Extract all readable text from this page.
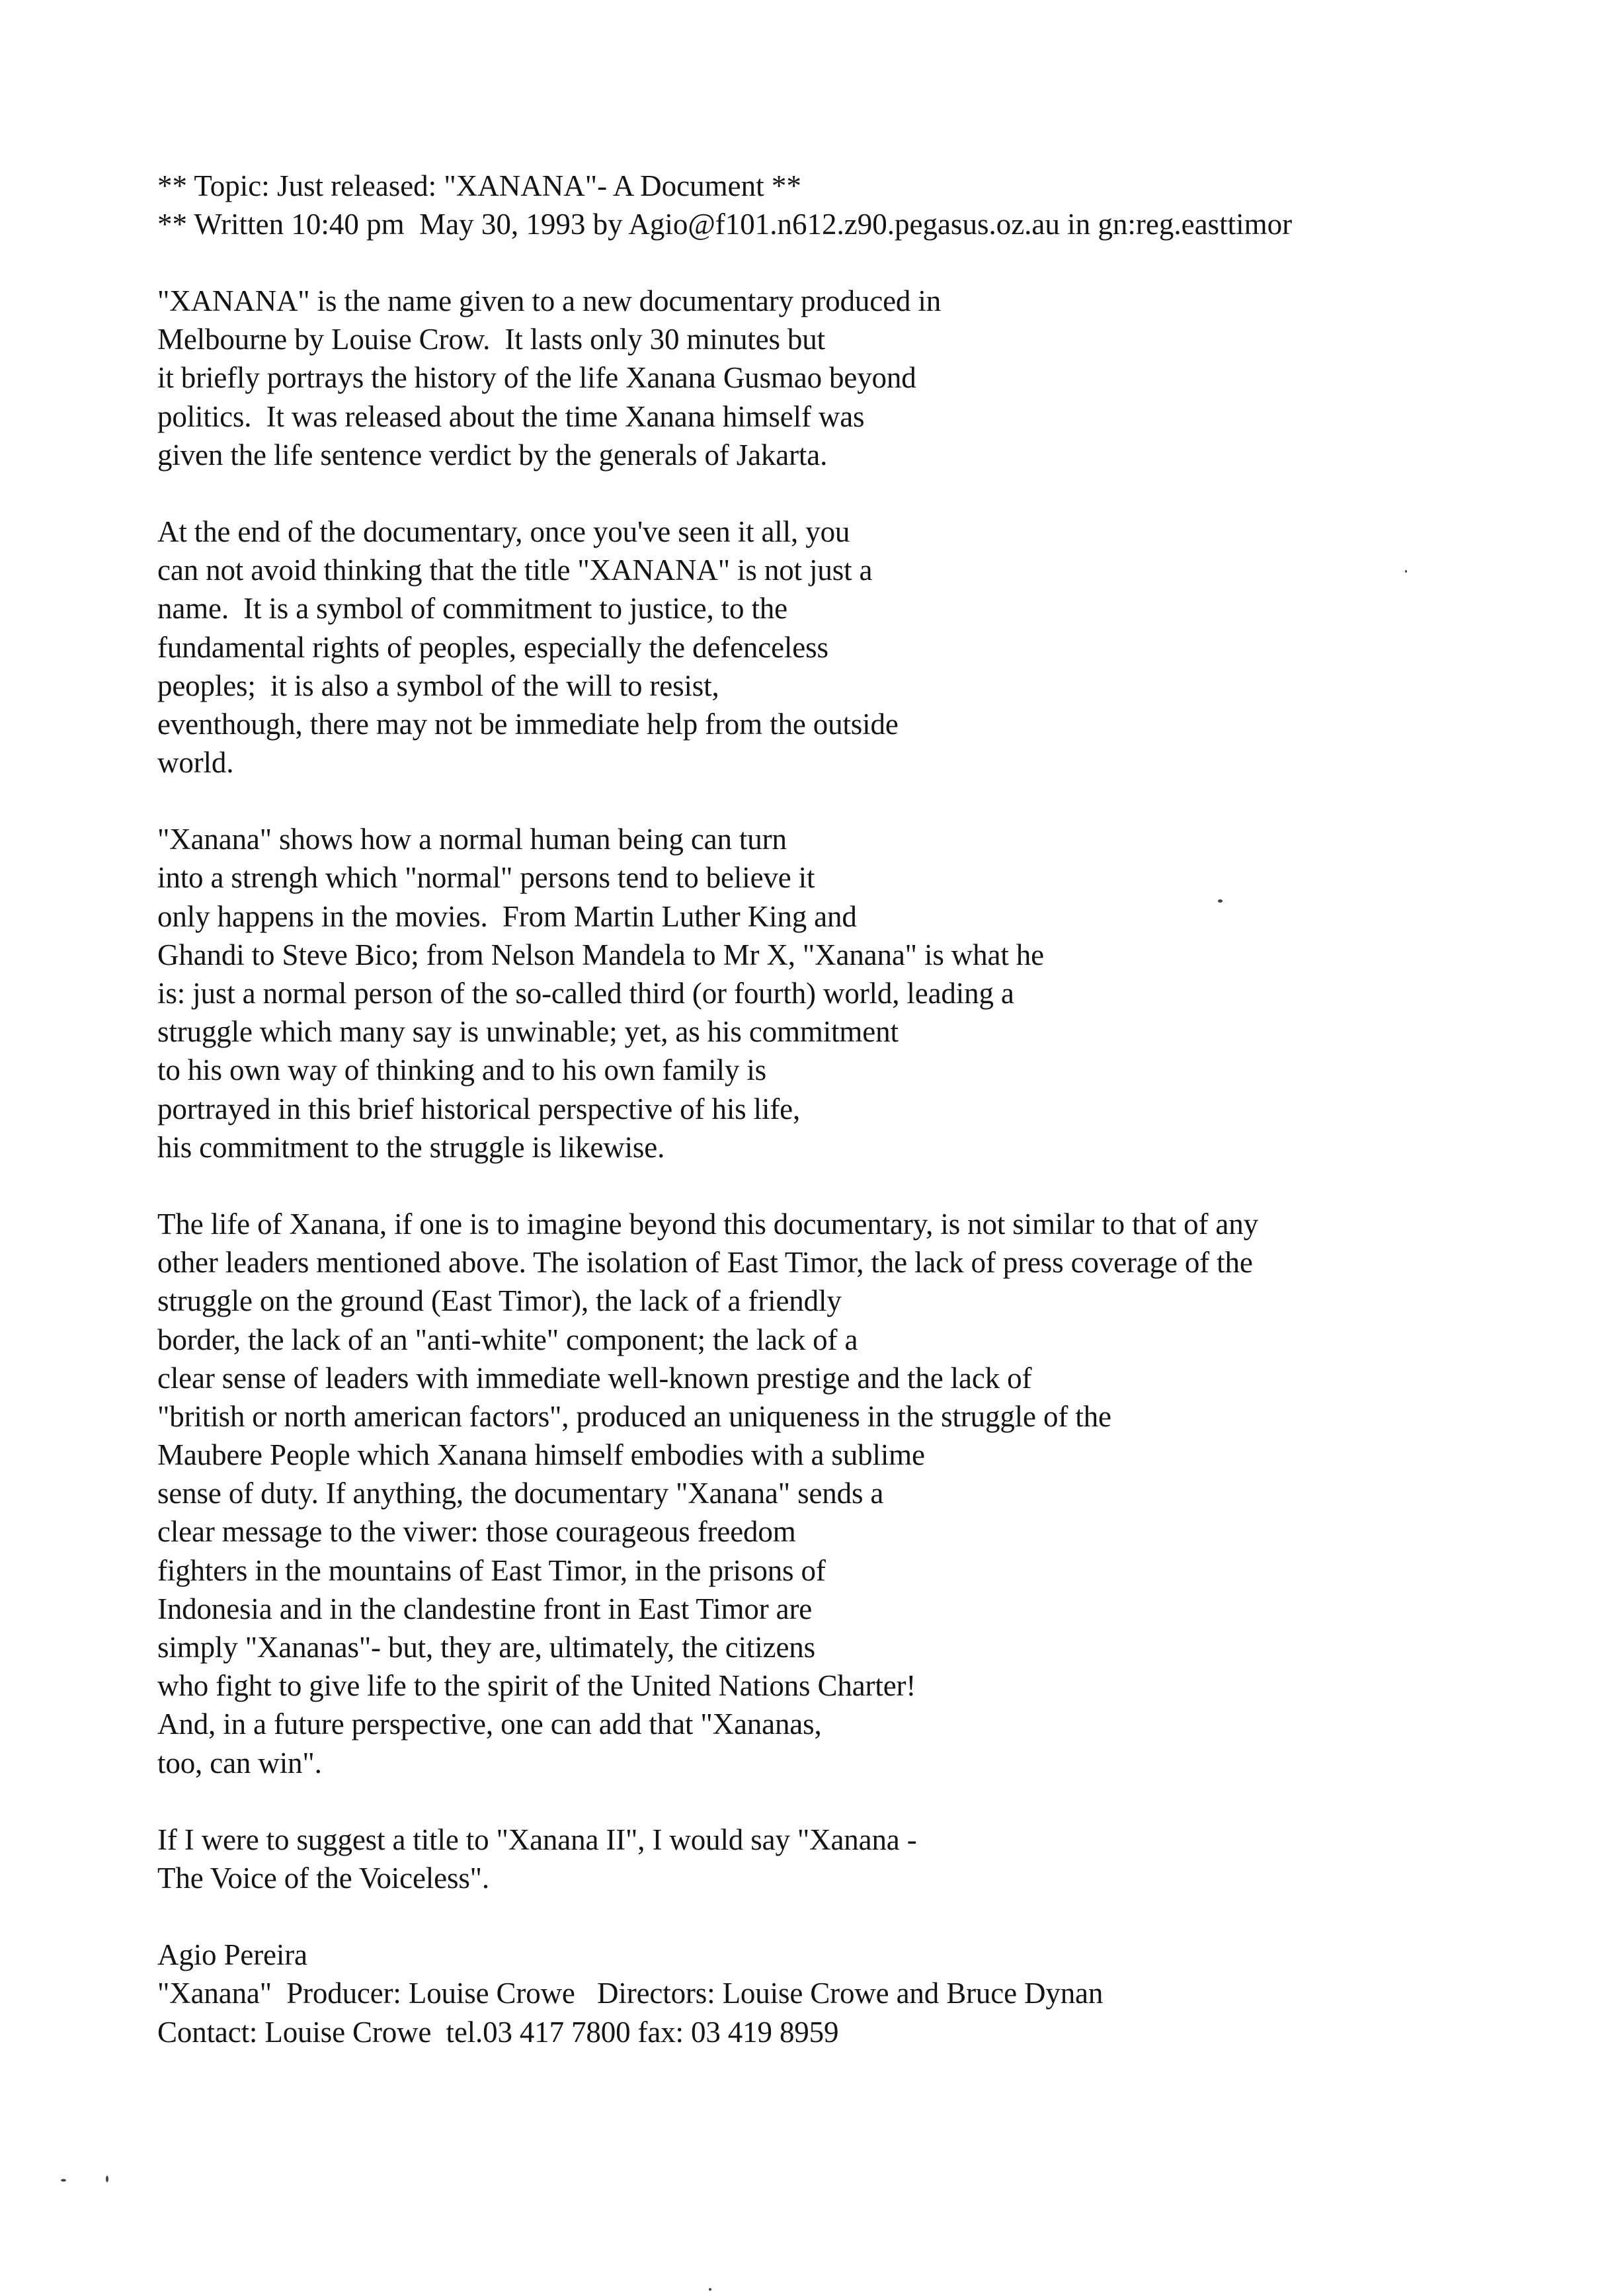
** Topic: Just released: "XANANA"- A Document **
** Written 10:40 pm  May 30, 1993 by Agio@f101.n612.z90.pegasus.oz.au in gn:reg.easttimor
"XANANA" is the name given to a new documentary produced in
Melbourne by Louise Crow.  It lasts only 30 minutes but
it briefly portrays the history of the life Xanana Gusmao beyond
politics.  It was released about the time Xanana himself was
given the life sentence verdict by the generals of Jakarta.
At the end of the documentary, once you've seen it all, you
can not avoid thinking that the title "XANANA" is not just a
name.  It is a symbol of commitment to justice, to the
fundamental rights of peoples, especially the defenceless
peoples;  it is also a symbol of the will to resist,
eventhough, there may not be immediate help from the outside
world.
"Xanana" shows how a normal human being can turn
into a strengh which "normal" persons tend to believe it
only happens in the movies.  From Martin Luther King and
Ghandi to Steve Bico; from Nelson Mandela to Mr X, "Xanana" is what he
is: just a normal person of the so-called third (or fourth) world, leading a
struggle which many say is unwinable; yet, as his commitment
to his own way of thinking and to his own family is
portrayed in this brief historical perspective of his life,
his commitment to the struggle is likewise.
The life of Xanana, if one is to imagine beyond this documentary, is not similar to that of any
other leaders mentioned above. The isolation of East Timor, the lack of press coverage of the
struggle on the ground (East Timor), the lack of a friendly
border, the lack of an "anti-white" component; the lack of a
clear sense of leaders with immediate well-known prestige and the lack of
"british or north american factors", produced an uniqueness in the struggle of the
Maubere People which Xanana himself embodies with a sublime
sense of duty. If anything, the documentary "Xanana" sends a
clear message to the viwer: those courageous freedom
fighters in the mountains of East Timor, in the prisons of
Indonesia and in the clandestine front in East Timor are
simply "Xananas"- but, they are, ultimately, the citizens
who fight to give life to the spirit of the United Nations Charter!
And, in a future perspective, one can add that "Xananas,
too, can win".
If I were to suggest a title to "Xanana II", I would say "Xanana -
The Voice of the Voiceless".
Agio Pereira
"Xanana"  Producer: Louise Crowe   Directors: Louise Crowe and Bruce Dynan
Contact: Louise Crowe  tel.03 417 7800 fax: 03 419 8959
